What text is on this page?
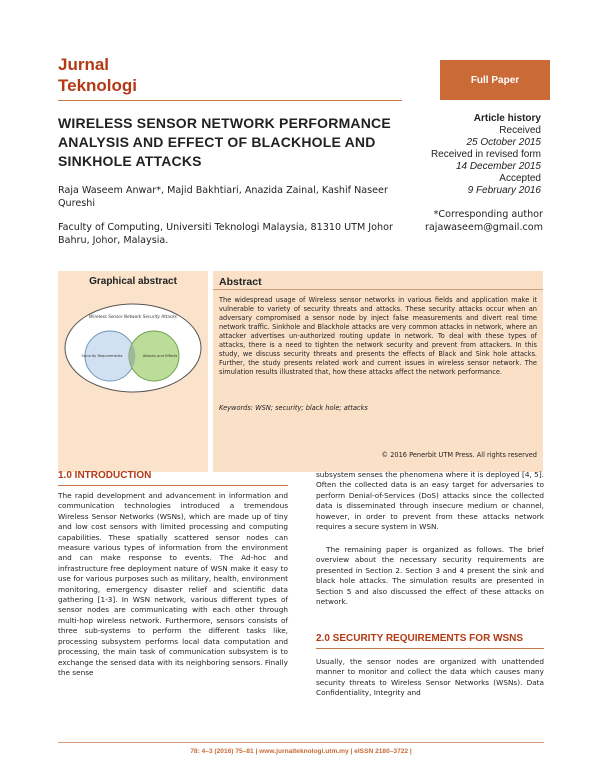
Jurnal
Teknologi	Full Paper
WIRELESS SENSOR NETWORK PERFORMANCE ANALYSIS AND EFFECT OF BLACKHOLE AND SINKHOLE ATTACKS
Article history
Received
25 October 2015
Received in revised form
14 December 2015
Accepted
9 February 2016
Raja Waseem Anwar*, Majid Bakhtiari, Anazida Zainal, Kashif Naseer Qureshi
Faculty of Computing, Universiti Teknologi Malaysia, 81310 UTM Johor Bahru, Johor, Malaysia.
*Corresponding author
rajawaseem@gmail.com
Graphical abstract
Wireless Sensor Network Security Attacks
Security Requirements	Attacks and Effects
Abstract
The widespread usage of Wireless sensor networks in various fields and application make it vulnerable to variety of security threats and attacks. These security attacks occur when an adversary compromised a sensor node by inject false measurements and divert real time network traffic. Sinkhole and Blackhole attacks are very common attacks in network, where an attacker advertises un-authorized routing update in network. To deal with these types of attacks, there is a need to tighten the network security and prevent from attackers. In this study, we discuss security threats and presents the effects of Black and Sink hole attacks. Further, the study presents related work and current issues in wireless sensor network. The simulation results illustrated that, how these attacks affect the network performance.
Keywords: WSN; security; black hole; attacks
© 2016 Penerbit UTM Press. All rights reserved
1.0 INTRODUCTION
The rapid development and advancement in information and communication technologies introduced a tremendous Wireless Sensor Networks (WSNs), which are made up of tiny and low cost sensors with limited processing and computing capabilities. These spatially scattered sensor nodes can measure various types of information from the environment and can make response to events. The Ad-hoc and infrastructure free deployment nature of WSN make it easy to use for various purposes such as military, health, environment monitoring, emergency disaster relief and scientific data gathering [1-3]. In WSN network, various different types of sensor nodes are communicating with each other through multi-hop wireless network. Furthermore, sensors consists of three sub-systems to perform the different tasks like, processing subsystem performs local data computation and processing, the main task of communication subsystem is to exchange the sensed data with its neighboring sensors. Finally the sense
subsystem senses the phenomena where it is deployed [4, 5]. Often the collected data is an easy target for adversaries to perform Denial-of-Services (DoS) attacks since the collected data is disseminated through insecure medium or channel, however, in order to prevent from these attacks network requires a secure system in WSN.
The remaining paper is organized as follows. The brief overview about the necessary security requirements are presented in Section 2. Section 3 and 4 present the sink and black hole attacks. The simulation results are presented in Section 5 and also discussed the effect of these attacks on network.
2.0 SECURITY REQUIREMENTS FOR WSNS
Usually, the sensor nodes are organized with unattended manner to monitor and collect the data which causes many security threats to Wireless Sensor Networks (WSNs). Data Confidentiality, Integrity and
78: 4–3 (2016) 75–81 | www.jurnalteknologi.utm.my | eISSN 2180–3722 |
